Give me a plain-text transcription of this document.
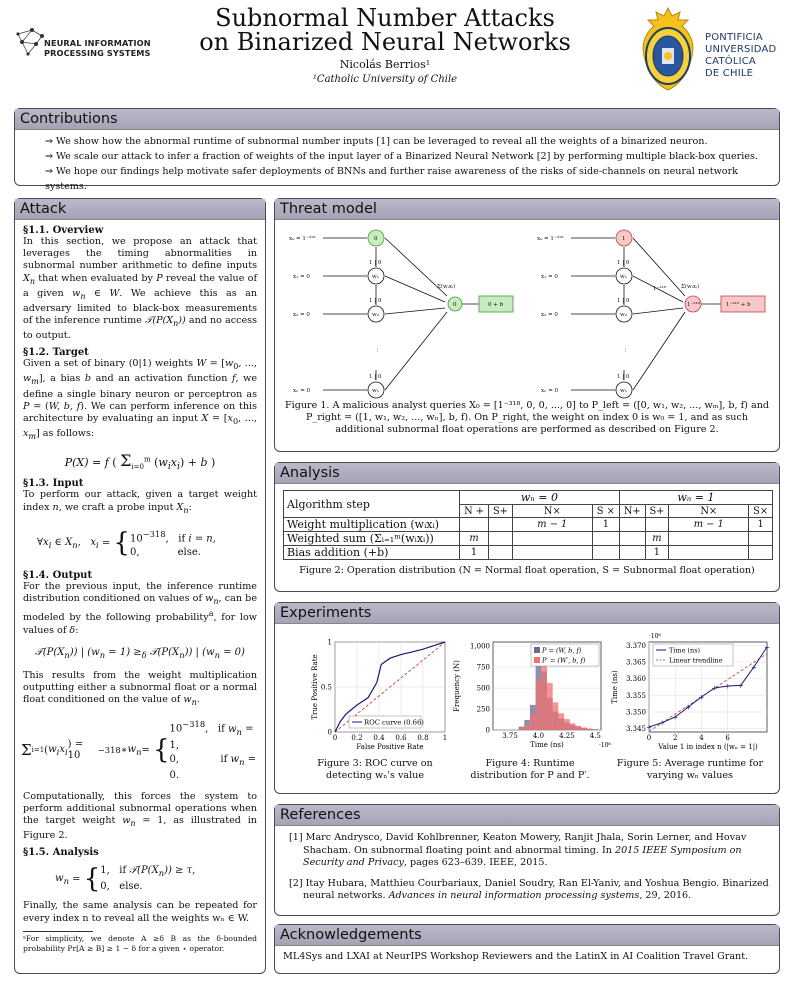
NEURAL INFORMATION
PROCESSING SYSTEMS
Subnormal Number Attacks
on Binarized Neural Networks
Nicolás Berrios¹
¹Catholic University of Chile
PONTIFICIA
UNIVERSIDAD
CATÓLICA
DE CHILE
Contributions
⇒ We show how the abnormal runtime of subnormal number inputs [1] can be leveraged to reveal all the weights of a binarized neuron.
⇒ We scale our attack to infer a fraction of weights of the input layer of a Binarized Neural Network [2] by performing multiple black-box queries.
⇒ We hope our findings help motivate safer deployments of BNNs and further raise awareness of the risks of side-channels on neural network systems.
Attack
§1.1. Overview
In this section, we propose an attack that leverages the timing abnormalities in subnormal number arithmetic to define inputs $X_n$ that when evaluated by P reveal the value of a given $w_n$ ∈ W. We achieve this as an adversary limited to black-box measurements of the inference runtime $𝒯(P(X_n))$ and no access to output.
§1.2. Target
Given a set of binary (0|1) weights $W = [w_0$, ..., $w_m$], a bias b and an activation function f, we define a single binary neuron or perceptron as P = (W, b, f). We can perform inference on this architecture by evaluating an input $X = [x_0$, ..., $x_m$] as follows:
P(X) = f ( $\Sigma_{i=0}^m$ $(w_ix_i) + b$ )
§1.3. Input
To perform our attack, given a target weight index n, we craft a probe input $X_n$:
$\forall x_i$ ∈ $X_n$,   $x_i$ = { $10^{-318}$,   if i = n,
0,            else.
§1.4. Output
For the previous input, the inference runtime distribution conditioned on values of $w_n$, can be modeled by the following probability$^a$, for low values of δ:
$𝒯(P(X_n))$ | $(w_n = 1) \ge_\delta$ $𝒯(P(X_n))$ | $(w_n = 0)$
This results from the weight multiplication outputting either a subnormal float or a normal float conditioned on the value of $w_n$.
Σ i=1 ( $w_ix_i$
) = 10 −318 ∗ $w_n$ = {
$10^{-318}$,   if $w_n = 1$,
0,             if $w_n = 0$.
Computationally, this forces the system to perform additional subnormal operations when the target weight $w_n = 1$, as illustrated in Figure 2.
§1.5. Analysis
$w_n$ = { 1,   if $𝒯(P(X_n)) \ge \tau$,
0,   else.
Finally, the same analysis can be repeated for every index n to reveal all the weights wₙ ∈ W.
ᵃFor simplicity, we denote A ≥δ B as the δ-bounded probability Pr[A ≥ B] ≥ 1 − δ for a given ⋆ operator.
Threat model
x₀ = 1⁻³¹⁸
x₁ = 0
x₂ = 0
xₙ = 0
0
w₁
w₂
wₙ
1 | 0
1 | 0
1 | 0
⋮
Σ(wᵢxᵢ)
0	0 + b
x₀ = 1⁻³¹⁸
x₁ = 0
x₂ = 0
xₙ = 0
1
w₁
w₂
wₙ
1 | 0
1 | 0
1 | 0
⋮
1⁻³¹⁸	Σ(wᵢxᵢ)
1⁻³¹⁸	1⁻³¹⁸ + b
Figure 1. A malicious analyst queries X₀ = [1⁻³¹⁸, 0, 0, ..., 0] to P_left = ([0, w₁, w₂, ..., wₘ], b, f) and P_right = ([1, w₁, w₂, ..., wₙ], b, f). On P_right, the weight on index 0 is w₀ = 1, and as such additional subnormal float operations are performed as described on Figure 2.
Analysis
Algorithm step	wₙ = 0				wₙ = 1			
	N +	S+	N×	S ×	N+	S+	N×	S×
Weight multiplication (wᵢxᵢ)			m − 1	1			m − 1	1
Weighted sum (Σᵢ₌₁ᵐ(wᵢxᵢ))	m					m		
Bias addition (+b)	1					1		
Figure 2: Operation distribution (N = Normal float operation, S = Subnormal float operation)
Experiments
0 0.2 0.4 0.6 0.8 1
0
0.5
1
ROC curve (0.66)
False Positive Rate
True Positive Rate
Figure 3: ROC curve on
detecting wₙ's value
0
250
500
750
1,000
3.75 4.0 4.25 4.5
P = (W, b, f)
P′ = (W′, b, f)
Time (ns)	·10⁶
Frequency (N)
Figure 4: Runtime
distribution for P and P′.
3.345
3.350
3.355
3.360
3.365
3.370
0	2	4	6
+
+
+
+
+
+ + +
+
+
Time (ns)
Linear trendline
·10⁶
Value 1 in index n (|wₙ = 1|)
Time (ns)
Figure 5: Average runtime for
varying wₙ values
References
[1] Marc Andrysco, David Kohlbrenner, Keaton Mowery, Ranjit Jhala, Sorin Lerner, and Hovav Shacham. On subnormal floating point and abnormal timing. In 2015 IEEE Symposium on Security and Privacy, pages 623–639. IEEE, 2015.
[2] Itay Hubara, Matthieu Courbariaux, Daniel Soudry, Ran El-Yaniv, and Yoshua Bengio. Binarized neural networks. Advances in neural information processing systems, 29, 2016.
Acknowledgements
ML4Sys and LXAI at NeurIPS Workshop Reviewers and the LatinX in AI Coalition Travel Grant.
